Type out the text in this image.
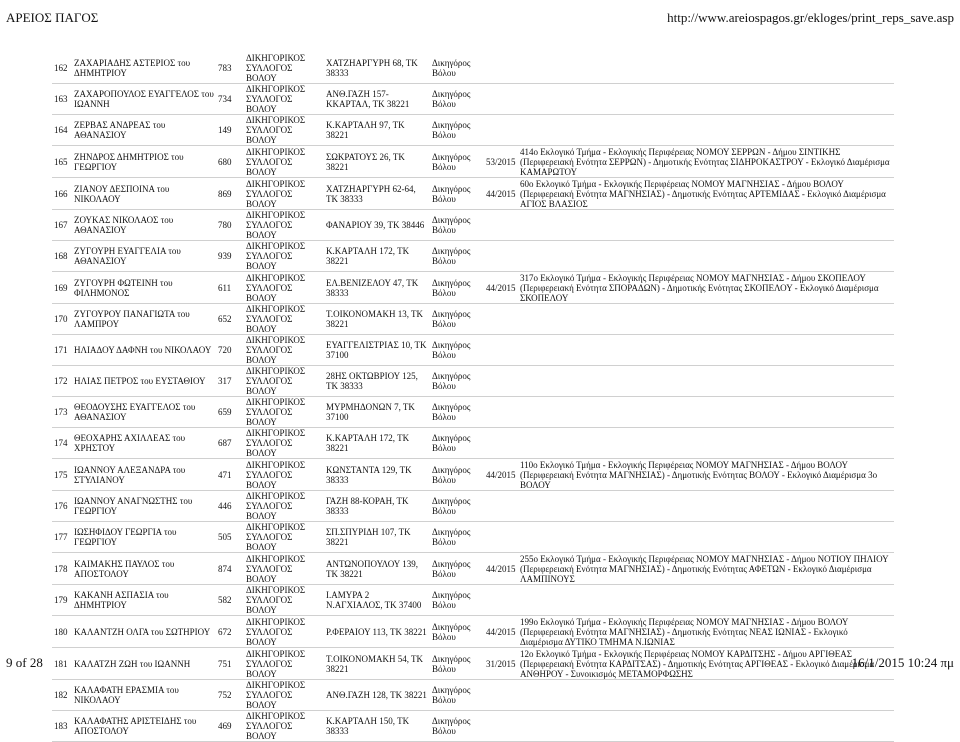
ΑΡΕΙΟΣ ΠΑΓΟΣ	http://www.areiospagos.gr/ekloges/print_reps_save.asp
162	ΖΑΧΑΡΙΑΔΗΣ ΑΣΤΕΡΙΟΣ του ΔΗΜΗΤΡΙΟΥ	783	ΔΙΚΗΓΟΡΙΚΟΣ ΣΥΛΛΟΓΟΣ ΒΟΛΟΥ	ΧΑΤΖΗΑΡΓΥΡΗ 68, ΤΚ 38333	Δικηγόρος Βόλου		
163	ΖΑΧΑΡΟΠΟΥΛΟΣ ΕΥΑΓΓΕΛΟΣ του ΙΩΑΝΝΗ	734	ΔΙΚΗΓΟΡΙΚΟΣ ΣΥΛΛΟΓΟΣ ΒΟΛΟΥ	ΑΝΘ.ΓΑΖΗ 157-ΚΚΑΡΤΑΛ, ΤΚ 38221	Δικηγόρος Βόλου		
164	ΖΕΡΒΑΣ ΑΝΔΡΕΑΣ του ΑΘΑΝΑΣΙΟΥ	149	ΔΙΚΗΓΟΡΙΚΟΣ ΣΥΛΛΟΓΟΣ ΒΟΛΟΥ	Κ.ΚΑΡΤΑΛΗ 97, ΤΚ 38221	Δικηγόρος Βόλου		
165	ΖΗΝΔΡΟΣ ΔΗΜΗΤΡΙΟΣ του ΓΕΩΡΓΙΟΥ	680	ΔΙΚΗΓΟΡΙΚΟΣ ΣΥΛΛΟΓΟΣ ΒΟΛΟΥ	ΣΩΚΡΑΤΟΥΣ 26, ΤΚ 38221	Δικηγόρος Βόλου	53/2015	414ο Εκλογικό Τμήμα - Εκλογικής Περιφέρειας ΝΟΜΟΥ ΣΕΡΡΩΝ - Δήμου ΣΙΝΤΙΚΗΣ (Περιφερειακή Ενότητα ΣΕΡΡΩΝ) - Δημοτικής Ενότητας ΣΙΔΗΡΟΚΑΣΤΡΟΥ - Εκλογικό Διαμέρισμα ΚΑΜΑΡΩΤΟΥ
166	ΖΙΑΝΟΥ ΔΕΣΠΟΙΝΑ του ΝΙΚΟΛΑΟΥ	869	ΔΙΚΗΓΟΡΙΚΟΣ ΣΥΛΛΟΓΟΣ ΒΟΛΟΥ	ΧΑΤΖΗΑΡΓΥΡΗ 62-64, ΤΚ 38333	Δικηγόρος Βόλου	44/2015	60ο Εκλογικό Τμήμα - Εκλογικής Περιφέρειας ΝΟΜΟΥ ΜΑΓΝΗΣΙΑΣ - Δήμου ΒΟΛΟΥ (Περιφερειακή Ενότητα ΜΑΓΝΗΣΙΑΣ) - Δημοτικής Ενότητας ΑΡΤΕΜΙΔΑΣ - Εκλογικό Διαμέρισμα ΑΓΙΟΣ ΒΛΑΣΙΟΣ
167	ΖΟΥΚΑΣ ΝΙΚΟΛΑΟΣ του ΑΘΑΝΑΣΙΟΥ	780	ΔΙΚΗΓΟΡΙΚΟΣ ΣΥΛΛΟΓΟΣ ΒΟΛΟΥ	ΦΑΝΑΡΙΟΥ 39, ΤΚ 38446	Δικηγόρος Βόλου		
168	ΖΥΓΟΥΡΗ ΕΥΑΓΓΕΛΙΑ του ΑΘΑΝΑΣΙΟΥ	939	ΔΙΚΗΓΟΡΙΚΟΣ ΣΥΛΛΟΓΟΣ ΒΟΛΟΥ	Κ.ΚΑΡΤΑΛΗ 172, ΤΚ 38221	Δικηγόρος Βόλου		
169	ΖΥΓΟΥΡΗ ΦΩΤΕΙΝΗ του ΦΙΛΗΜΟΝΟΣ	611	ΔΙΚΗΓΟΡΙΚΟΣ ΣΥΛΛΟΓΟΣ ΒΟΛΟΥ	ΕΛ.ΒΕΝΙΖΕΛΟΥ 47, ΤΚ 38333	Δικηγόρος Βόλου	44/2015	317ο Εκλογικό Τμήμα - Εκλογικής Περιφέρειας ΝΟΜΟΥ ΜΑΓΝΗΣΙΑΣ - Δήμου ΣΚΟΠΕΛΟΥ (Περιφερειακή Ενότητα ΣΠΟΡΑΔΩΝ) - Δημοτικής Ενότητας ΣΚΟΠΕΛΟΥ - Εκλογικό Διαμέρισμα ΣΚΟΠΕΛΟΥ
170	ΖΥΓΟΥΡΟΥ ΠΑΝΑΓΙΩΤΑ του ΛΑΜΠΡΟΥ	652	ΔΙΚΗΓΟΡΙΚΟΣ ΣΥΛΛΟΓΟΣ ΒΟΛΟΥ	Τ.ΟΙΚΟΝΟΜΑΚΗ 13, ΤΚ 38221	Δικηγόρος Βόλου		
171	ΗΛΙΑΔΟΥ ΔΑΦΝΗ του ΝΙΚΟΛΑΟΥ	720	ΔΙΚΗΓΟΡΙΚΟΣ ΣΥΛΛΟΓΟΣ ΒΟΛΟΥ	ΕΥΑΓΓΕΛΙΣΤΡΙΑΣ 10, ΤΚ 37100	Δικηγόρος Βόλου		
172	ΗΛΙΑΣ ΠΕΤΡΟΣ του ΕΥΣΤΑΘΙΟΥ	317	ΔΙΚΗΓΟΡΙΚΟΣ ΣΥΛΛΟΓΟΣ ΒΟΛΟΥ	28ΗΣ ΟΚΤΩΒΡΙΟΥ 125, ΤΚ 38333	Δικηγόρος Βόλου		
173	ΘΕΟΔΟΥΣΗΣ ΕΥΑΓΓΕΛΟΣ του ΑΘΑΝΑΣΙΟΥ	659	ΔΙΚΗΓΟΡΙΚΟΣ ΣΥΛΛΟΓΟΣ ΒΟΛΟΥ	ΜΥΡΜΗΔΟΝΩΝ 7, ΤΚ 37100	Δικηγόρος Βόλου		
174	ΘΕΟΧΑΡΗΣ ΑΧΙΛΛΕΑΣ του ΧΡΗΣΤΟΥ	687	ΔΙΚΗΓΟΡΙΚΟΣ ΣΥΛΛΟΓΟΣ ΒΟΛΟΥ	Κ.ΚΑΡΤΑΛΗ 172, ΤΚ 38221	Δικηγόρος Βόλου		
175	ΙΩΑΝΝΟΥ ΑΛΕΞΑΝΔΡΑ του ΣΤΥΛΙΑΝΟΥ	471	ΔΙΚΗΓΟΡΙΚΟΣ ΣΥΛΛΟΓΟΣ ΒΟΛΟΥ	ΚΩΝΣΤΑΝΤΑ 129, ΤΚ 38333	Δικηγόρος Βόλου	44/2015	110ο Εκλογικό Τμήμα - Εκλογικής Περιφέρειας ΝΟΜΟΥ ΜΑΓΝΗΣΙΑΣ - Δήμου ΒΟΛΟΥ (Περιφερειακή Ενότητα ΜΑΓΝΗΣΙΑΣ) - Δημοτικής Ενότητας ΒΟΛΟΥ - Εκλογικό Διαμέρισμα 3ο ΒΟΛΟΥ
176	ΙΩΑΝΝΟΥ ΑΝΑΓΝΩΣΤΗΣ του ΓΕΩΡΓΙΟΥ	446	ΔΙΚΗΓΟΡΙΚΟΣ ΣΥΛΛΟΓΟΣ ΒΟΛΟΥ	ΓΑΖΗ 88-ΚΟΡΑΗ, ΤΚ 38333	Δικηγόρος Βόλου		
177	ΙΩΣΗΦΙΔΟΥ ΓΕΩΡΓΙΑ του ΓΕΩΡΓΙΟΥ	505	ΔΙΚΗΓΟΡΙΚΟΣ ΣΥΛΛΟΓΟΣ ΒΟΛΟΥ	ΣΠ.ΣΠΥΡΙΔΗ 107, ΤΚ 38221	Δικηγόρος Βόλου		
178	ΚΑΙΜΑΚΗΣ ΠΑΥΛΟΣ του ΑΠΟΣΤΟΛΟΥ	874	ΔΙΚΗΓΟΡΙΚΟΣ ΣΥΛΛΟΓΟΣ ΒΟΛΟΥ	ΑΝΤΩΝΟΠΟΥΛΟΥ 139, ΤΚ 38221	Δικηγόρος Βόλου	44/2015	255ο Εκλογικό Τμήμα - Εκλογικής Περιφέρειας ΝΟΜΟΥ ΜΑΓΝΗΣΙΑΣ - Δήμου ΝΟΤΙΟΥ ΠΗΛΙΟΥ (Περιφερειακή Ενότητα ΜΑΓΝΗΣΙΑΣ) - Δημοτικής Ενότητας ΑΦΕΤΩΝ - Εκλογικό Διαμέρισμα ΛΑΜΠΙΝΟΥΣ
179	ΚΑΚΑΝΗ ΑΣΠΑΣΙΑ του ΔΗΜΗΤΡΙΟΥ	582	ΔΙΚΗΓΟΡΙΚΟΣ ΣΥΛΛΟΓΟΣ ΒΟΛΟΥ	Ι.ΑΜΥΡΑ 2 Ν.ΑΓΧΙΑΛΟΣ, ΤΚ 37400	Δικηγόρος Βόλου		
180	ΚΑΛΑΝΤΖΗ ΟΛΓΑ του ΣΩΤΗΡΙΟΥ	672	ΔΙΚΗΓΟΡΙΚΟΣ ΣΥΛΛΟΓΟΣ ΒΟΛΟΥ	Ρ.ΦΕΡΑΙΟΥ 113, ΤΚ 38221	Δικηγόρος Βόλου	44/2015	199ο Εκλογικό Τμήμα - Εκλογικής Περιφέρειας ΝΟΜΟΥ ΜΑΓΝΗΣΙΑΣ - Δήμου ΒΟΛΟΥ (Περιφερειακή Ενότητα ΜΑΓΝΗΣΙΑΣ) - Δημοτικής Ενότητας ΝΕΑΣ ΙΩΝΙΑΣ - Εκλογικό Διαμέρισμα ΔΥΤΙΚΟ ΤΜΗΜΑ Ν.ΙΩΝΙΑΣ
181	ΚΑΛΑΤΖΗ ΖΩΗ του ΙΩΑΝΝΗ	751	ΔΙΚΗΓΟΡΙΚΟΣ ΣΥΛΛΟΓΟΣ ΒΟΛΟΥ	Τ.ΟΙΚΟΝΟΜΑΚΗ 54, ΤΚ 38221	Δικηγόρος Βόλου	31/2015	12ο Εκλογικό Τμήμα - Εκλογικής Περιφέρειας ΝΟΜΟΥ ΚΑΡΔΙΤΣΗΣ - Δήμου ΑΡΓΙΘΕΑΣ (Περιφερειακή Ενότητα ΚΑΡΔΙΤΣΑΣ) - Δημοτικής Ενότητας ΑΡΓΙΘΕΑΣ - Εκλογικό Διαμέρισμα ΑΝΘΗΡΟΥ - Συνοικισμός ΜΕΤΑΜΟΡΦΩΣΗΣ
182	ΚΑΛΑΦΑΤΗ ΕΡΑΣΜΙΑ του ΝΙΚΟΛΑΟΥ	752	ΔΙΚΗΓΟΡΙΚΟΣ ΣΥΛΛΟΓΟΣ ΒΟΛΟΥ	ΑΝΘ.ΓΑΖΗ 128, ΤΚ 38221	Δικηγόρος Βόλου		
183	ΚΑΛΑΦΑΤΗΣ ΑΡΙΣΤΕΙΔΗΣ του ΑΠΟΣΤΟΛΟΥ	469	ΔΙΚΗΓΟΡΙΚΟΣ ΣΥΛΛΟΓΟΣ ΒΟΛΟΥ	Κ.ΚΑΡΤΑΛΗ 150, ΤΚ 38333	Δικηγόρος Βόλου		
9 of 28	16/1/2015 10:24 πμ
